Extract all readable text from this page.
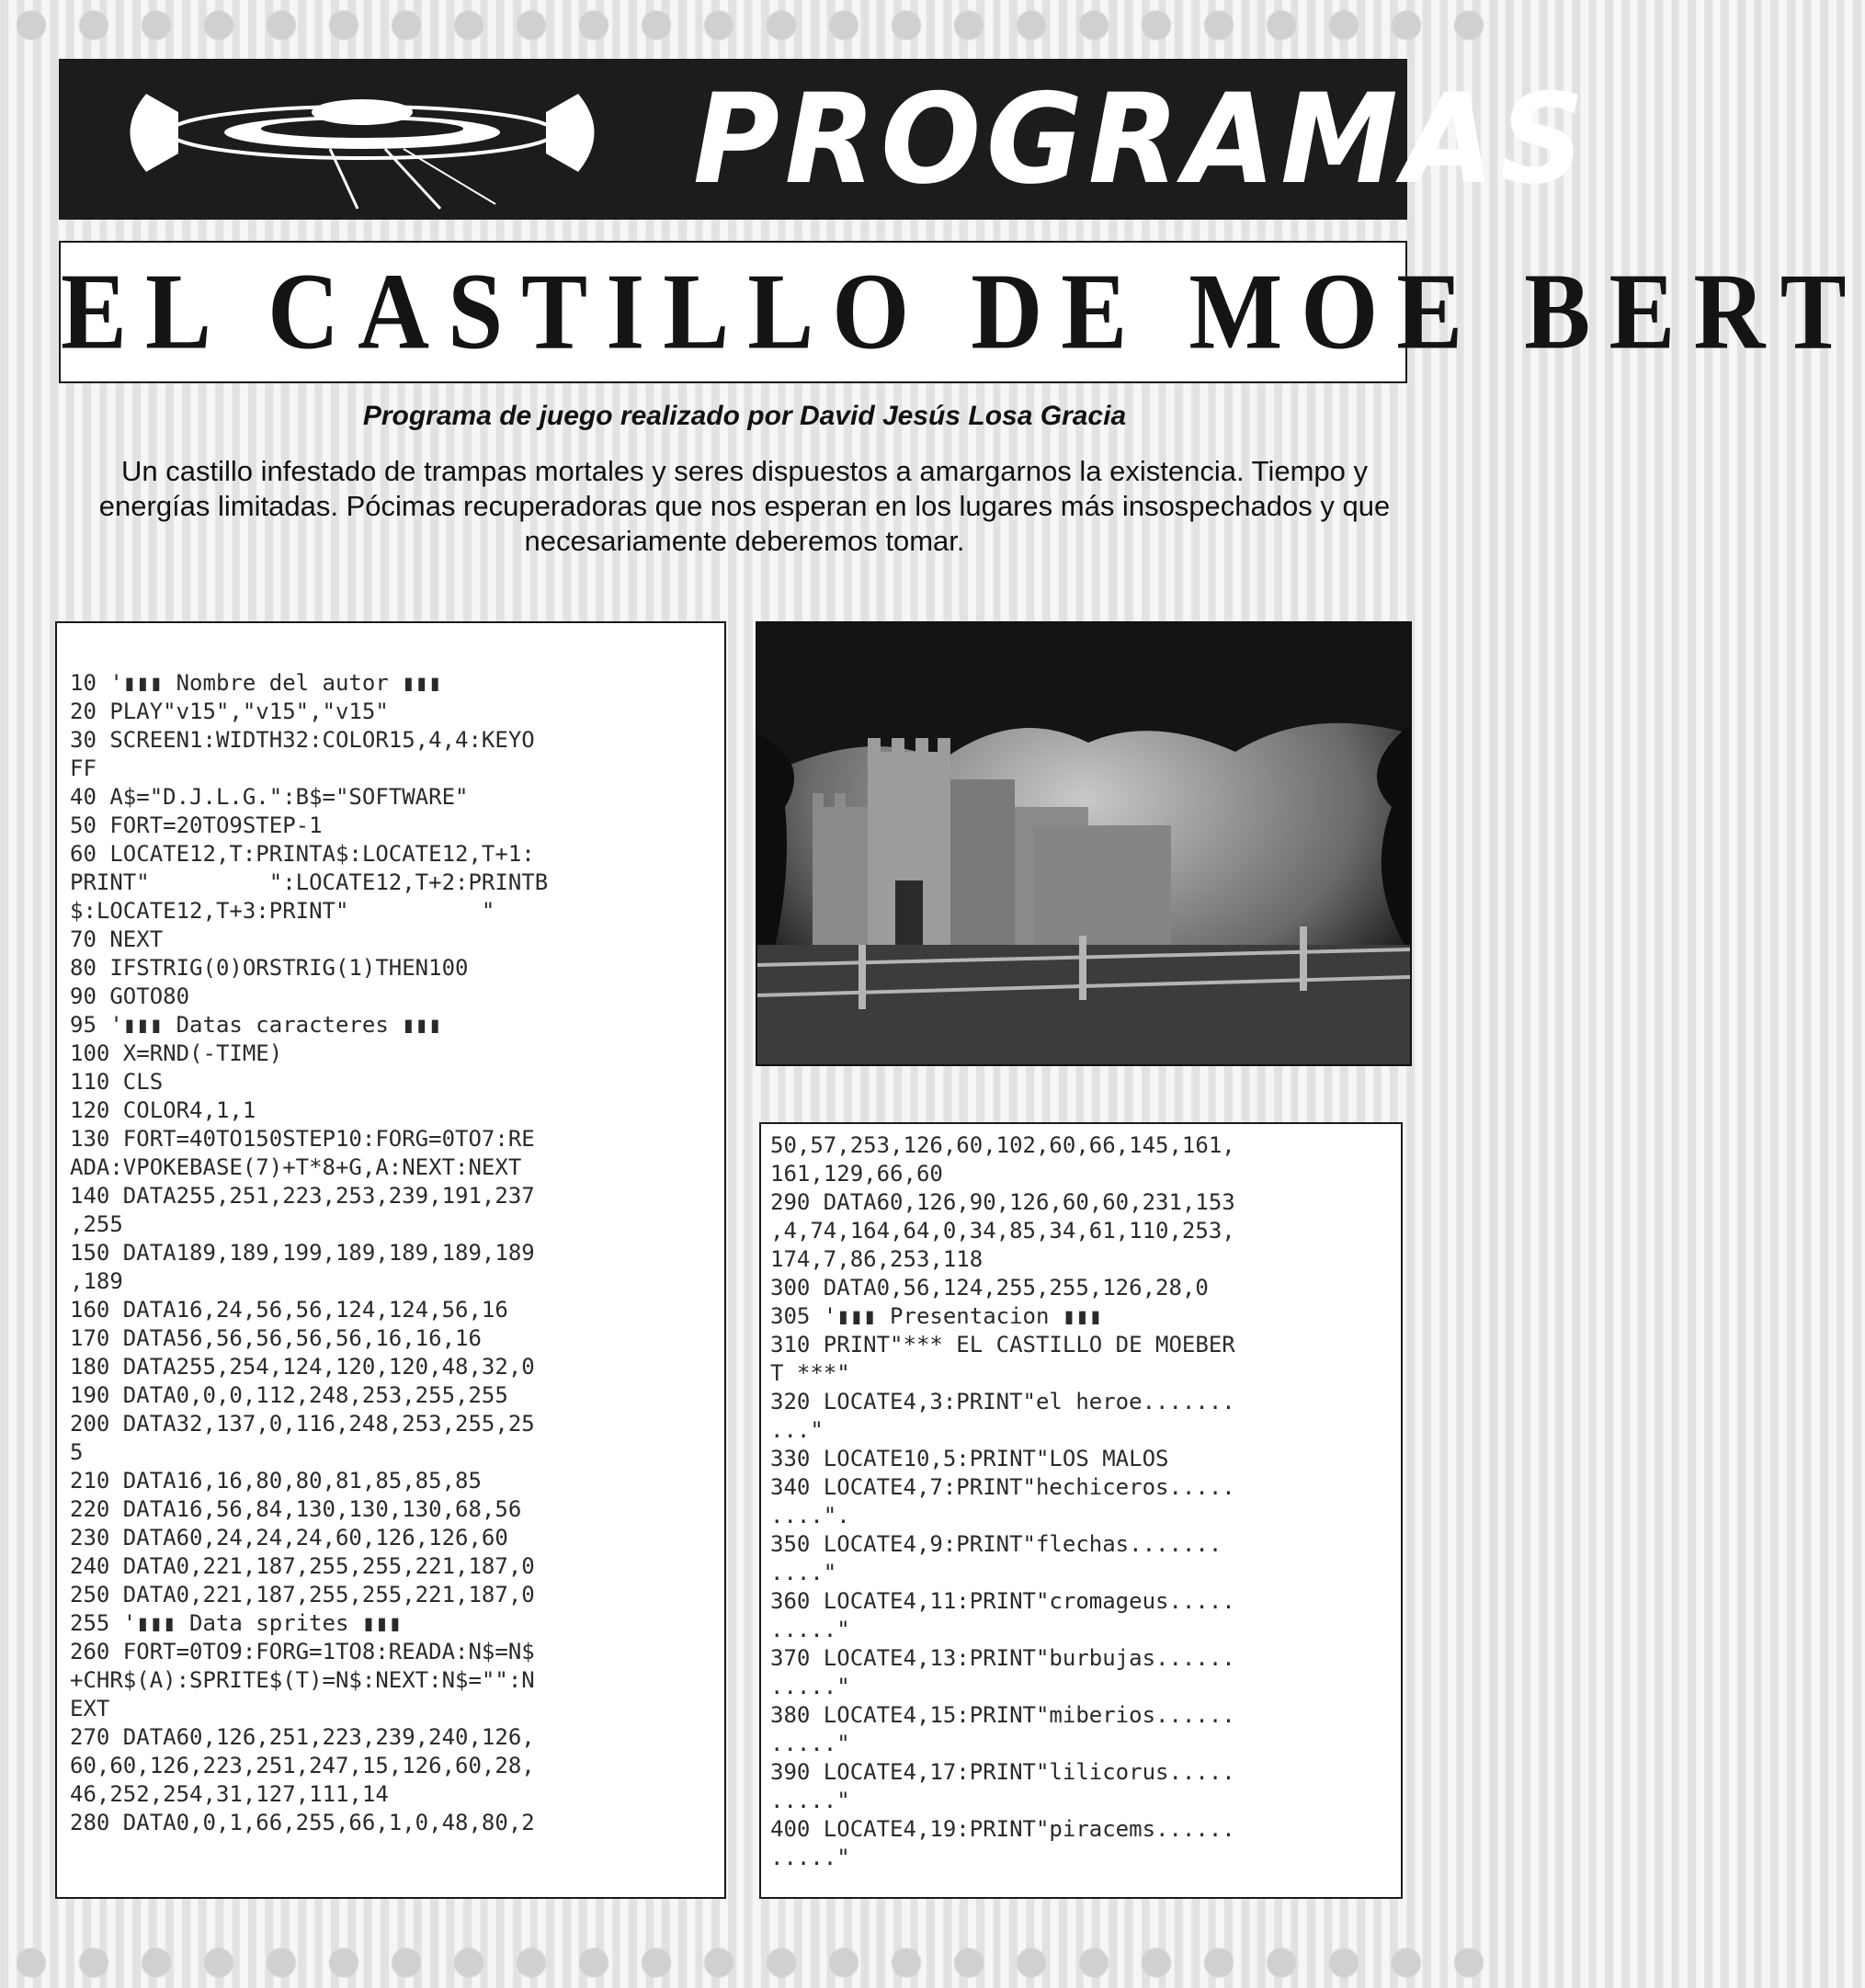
PROGRAMAS
EL CASTILLO DE MOE BERT
Programa de juego realizado por David Jesús Losa Gracia
Un castillo infestado de trampas mortales y seres dispuestos a amargarnos la existencia. Tiempo y energías limitadas. Pócimas recuperadoras que nos esperan en los lugares más insospechados y que necesariamente deberemos tomar.
10 '▮▮▮ Nombre del autor ▮▮▮
20 PLAY"v15","v15","v15"
30 SCREEN1:WIDTH32:COLOR15,4,4:KEYO
FF
40 A$="D.J.L.G.":B$="SOFTWARE"
50 FORT=20TO9STEP-1
60 LOCATE12,T:PRINTA$:LOCATE12,T+1:
PRINT"         ":LOCATE12,T+2:PRINTB
$:LOCATE12,T+3:PRINT"          "
70 NEXT
80 IFSTRIG(0)ORSTRIG(1)THEN100
90 GOTO80
95 '▮▮▮ Datas caracteres ▮▮▮
100 X=RND(-TIME)
110 CLS
120 COLOR4,1,1
130 FORT=40TO150STEP10:FORG=0TO7:RE
ADA:VPOKEBASE(7)+T*8+G,A:NEXT:NEXT
140 DATA255,251,223,253,239,191,237
,255
150 DATA189,189,199,189,189,189,189
,189
160 DATA16,24,56,56,124,124,56,16
170 DATA56,56,56,56,56,16,16,16
180 DATA255,254,124,120,120,48,32,0
190 DATA0,0,0,112,248,253,255,255
200 DATA32,137,0,116,248,253,255,25
5
210 DATA16,16,80,80,81,85,85,85
220 DATA16,56,84,130,130,130,68,56
230 DATA60,24,24,24,60,126,126,60
240 DATA0,221,187,255,255,221,187,0
250 DATA0,221,187,255,255,221,187,0
255 '▮▮▮ Data sprites ▮▮▮
260 FORT=0TO9:FORG=1TO8:READA:N$=N$
+CHR$(A):SPRITE$(T)=N$:NEXT:N$="":N
EXT
270 DATA60,126,251,223,239,240,126,
60,60,126,223,251,247,15,126,60,28,
46,252,254,31,127,111,14
280 DATA0,0,1,66,255,66,1,0,48,80,2
50,57,253,126,60,102,60,66,145,161,
161,129,66,60
290 DATA60,126,90,126,60,60,231,153
,4,74,164,64,0,34,85,34,61,110,253,
174,7,86,253,118
300 DATA0,56,124,255,255,126,28,0
305 '▮▮▮ Presentacion ▮▮▮
310 PRINT"*** EL CASTILLO DE MOEBER
T ***"
320 LOCATE4,3:PRINT"el heroe.......
..."
330 LOCATE10,5:PRINT"LOS MALOS
340 LOCATE4,7:PRINT"hechiceros.....
....".
350 LOCATE4,9:PRINT"flechas.......
...."
360 LOCATE4,11:PRINT"cromageus.....
....."
370 LOCATE4,13:PRINT"burbujas......
....."
380 LOCATE4,15:PRINT"miberios......
....."
390 LOCATE4,17:PRINT"lilicorus.....
....."
400 LOCATE4,19:PRINT"piracems......
....."
